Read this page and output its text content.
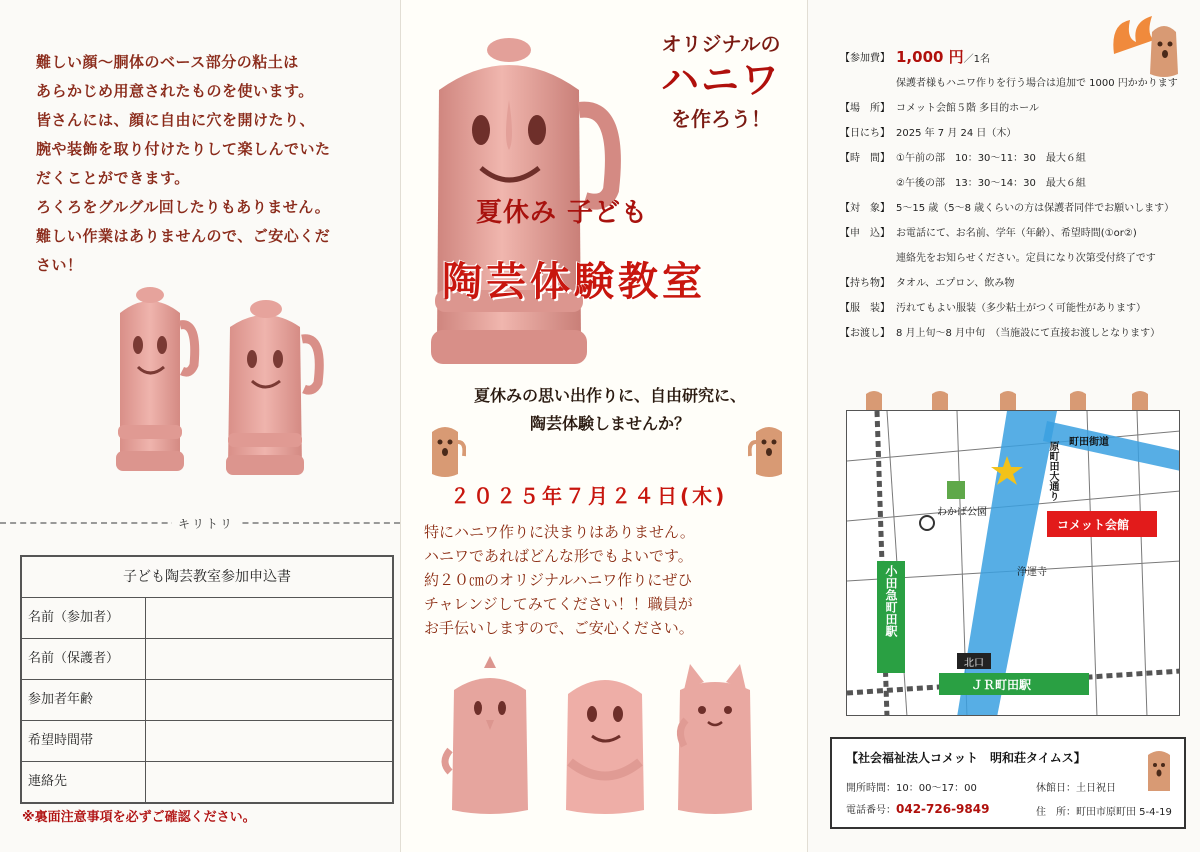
難しい顔〜胴体のベース部分の粘土は
あらかじめ用意されたものを使います。
皆さんには、顔に自由に穴を開けたり、
腕や装飾を取り付けたりして楽しんでいた
だくことができます。
ろくろをグルグル回したりもありません。
難しい作業はありませんので、ご安心くだ
さい！
キリトリ
子ども陶芸教室参加申込書
名前（参加者）
名前（保護者）
参加者年齢
希望時間帯
連絡先
※裏面注意事項を必ずご確認ください。
オリジナルの
ハニワ
を作ろう！
夏休み 子ども
陶芸体験教室
夏休みの思い出作りに、自由研究に、
陶芸体験しませんか？
２０２５年７月２４日(木)
特にハニワ作りに決まりはありません。
ハニワであればどんな形でもよいです。
約２０㎝のオリジナルハニワ作りにぜひ
チャレンジしてみてください！！職員が
お手伝いしますので、ご安心ください。
【参加費】 1,000 円／1名
保護者様もハニワ作りを行う場合は追加で 1000 円かかります
【場　所】 コメット会館５階 多目的ホール
【日にち】 2025 年 7 月 24 日（木）
【時　間】 ①午前の部　10：30～11：30　最大６組
②午後の部　13：30～14：30　最大６組
【対　象】 5～15 歳（5～8 歳くらいの方は保護者同伴でお願いします）
【申　込】 お電話にて、お名前、学年（年齢）、希望時間(①or②)
連絡先をお知らせください。定員になり次第受付終了です
【持ち物】 タオル、エプロン、飲み物
【服　装】 汚れてもよい服装（多少粘土がつく可能性があります）
【お渡し】 8 月上旬～8 月中旬　（当施設にて直接お渡しとなります）
町田街道
原町田大通り
わかば公園
コメット会館
浄運寺
小田急町田駅
北口
ＪＲ町田駅
【社会福祉法人コメット　明和荘タイムス】
開所時間：10：00～17：00	休館日：土日祝日
電話番号：042-726-9849	住　所：町田市原町田 5-4-19
